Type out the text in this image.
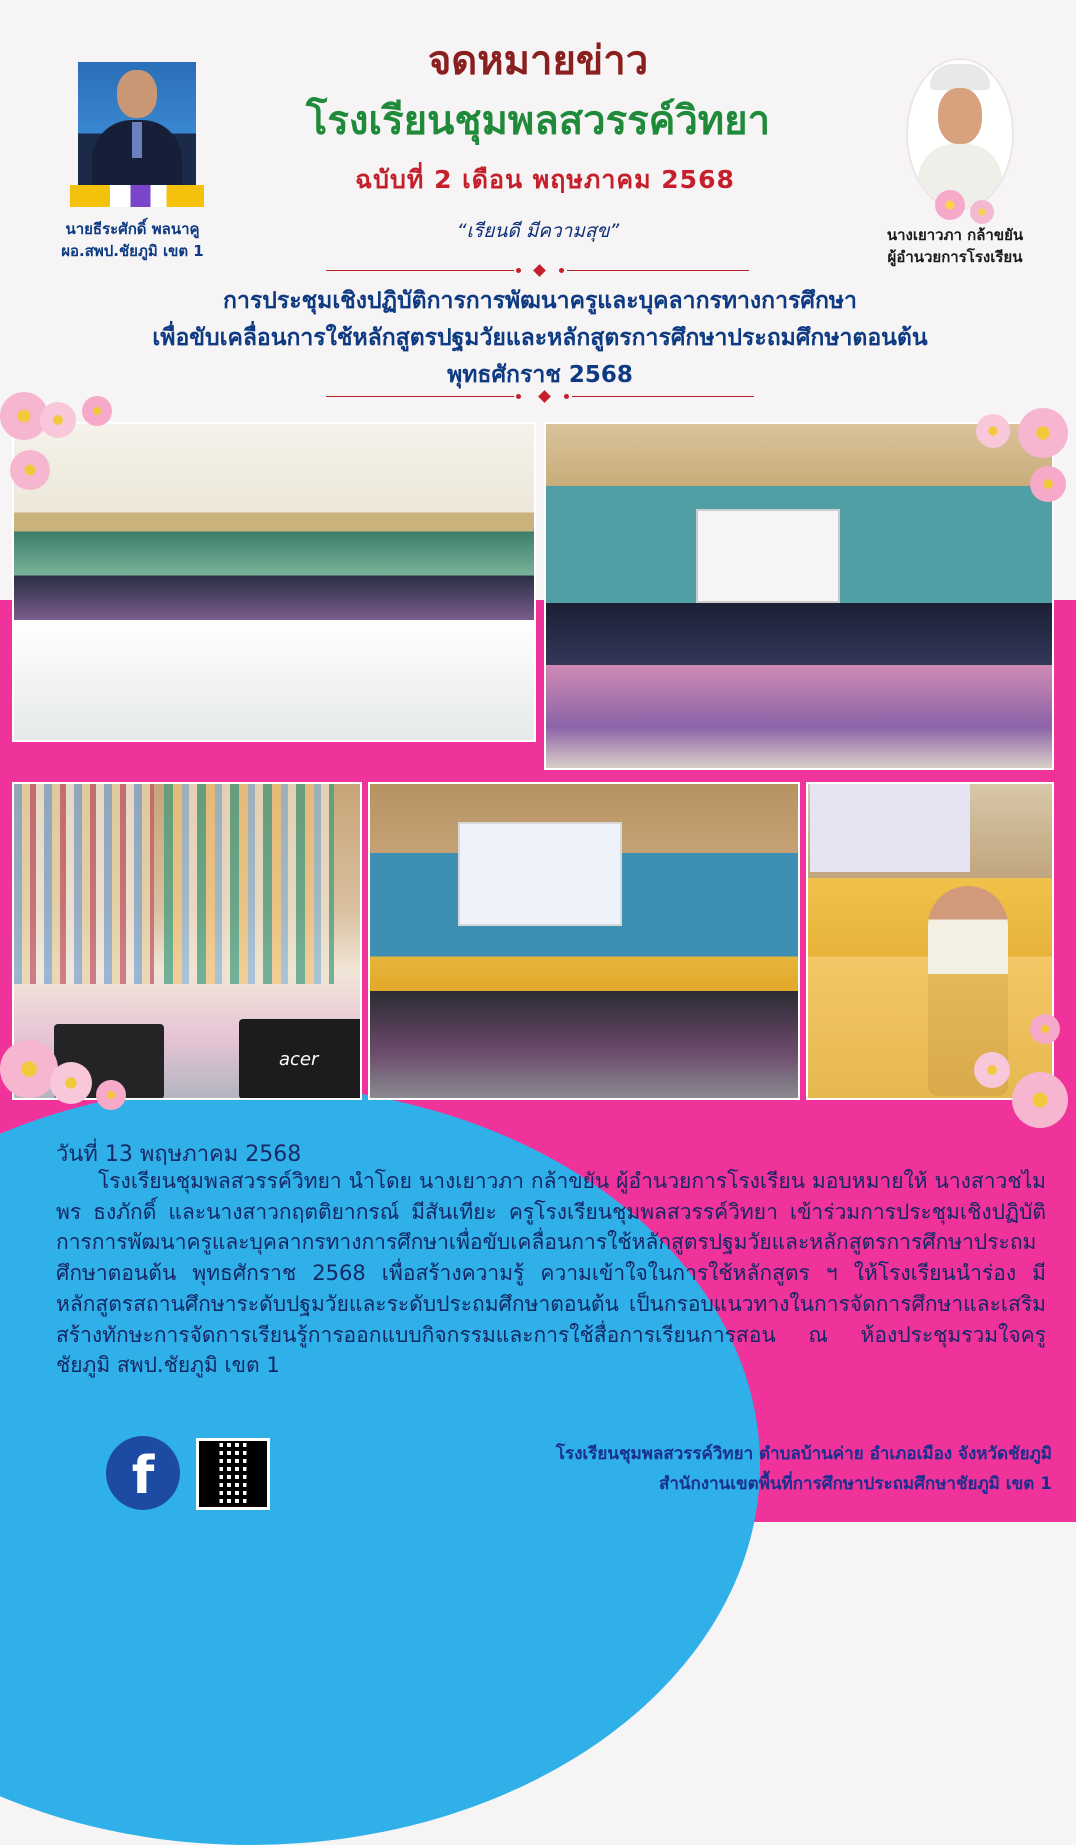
จดหมายข่าว
โรงเรียนชุมพลสวรรค์วิทยา
ฉบับที่ 2 เดือน พฤษภาคม 2568
“เรียนดี มีความสุข”
นายธีระศักดิ์ พลนาคู
ผอ.สพป.ชัยภูมิ เขต 1
นางเยาวภา กล้าขยัน
ผู้อำนวยการโรงเรียน
การประชุมเชิงปฏิบัติการการพัฒนาครูและบุคลากรทางการศึกษา
เพื่อขับเคลื่อนการใช้หลักสูตรปฐมวัยและหลักสูตรการศึกษาประถมศึกษาตอนต้น
พุทธศักราช 2568
acer
วันที่ 13 พฤษภาคม 2568
โรงเรียนชุมพลสวรรค์วิทยา นำโดย นางเยาวภา กล้าขยัน ผู้อำนวยการโรงเรียน มอบหมายให้ นางสาวชไมพร ธงภักดิ์ และนางสาวกฤตติยากรณ์ มีสันเทียะ ครูโรงเรียนชุมพลสวรรค์วิทยา เข้าร่วมการประชุมเชิงปฏิบัติการการพัฒนาครูและบุคลากรทางการศึกษาเพื่อขับเคลื่อนการใช้หลักสูตรปฐมวัยและหลักสูตรการศึกษาประถมศึกษาตอนต้น พุทธศักราช 2568 เพื่อสร้างความรู้ ความเข้าใจในการใช้หลักสูตร ฯ ให้โรงเรียนนำร่อง มีหลักสูตรสถานศึกษาระดับปฐมวัยและระดับประถมศึกษาตอนต้น เป็นกรอบแนวทางในการจัดการศึกษาและเสริมสร้างทักษะการจัดการเรียนรู้การออกแบบกิจกรรมและการใช้สื่อการเรียนการสอน ณ ห้องประชุมรวมใจครูชัยภูมิ สพป.ชัยภูมิ เขต 1
f	โรงเรียนชุมพลสวรรค์วิทยา ตำบลบ้านค่าย อำเภอเมือง จังหวัดชัยภูมิ
สำนักงานเขตพื้นที่การศึกษาประถมศึกษาชัยภูมิ เขต 1
